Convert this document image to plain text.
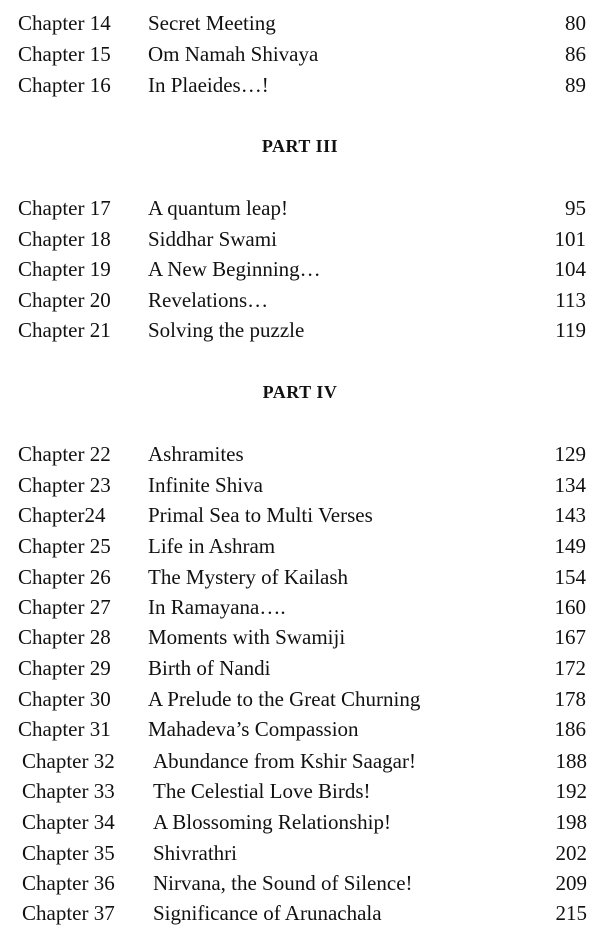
Chapter 14 Secret Meeting	80
Chapter 15 Om Namah Shivaya	86
Chapter 16 In Plaeides…!	89
PART III
Chapter 17 A quantum leap!	95
Chapter 18 Siddhar Swami	101
Chapter 19 A New Beginning…	104
Chapter 20 Revelations…	113
Chapter 21 Solving the puzzle	119
PART IV
Chapter 22 Ashramites	129
Chapter 23 Infinite Shiva	134
Chapter24 Primal Sea to Multi Verses	143
Chapter 25 Life in Ashram	149
Chapter 26 The Mystery of Kailash	154
Chapter 27 In Ramayana….	160
Chapter 28 Moments with Swamiji	167
Chapter 29 Birth of Nandi	172
Chapter 30 A Prelude to the Great Churning	178
Chapter 31 Mahadeva’s Compassion	186
Chapter 32 Abundance from Kshir Saagar!	188
Chapter 33 The Celestial Love Birds!	192
Chapter 34 A Blossoming Relationship!	198
Chapter 35 Shivrathri	202
Chapter 36 Nirvana, the Sound of Silence!	209
Chapter 37 Significance of Arunachala	215
